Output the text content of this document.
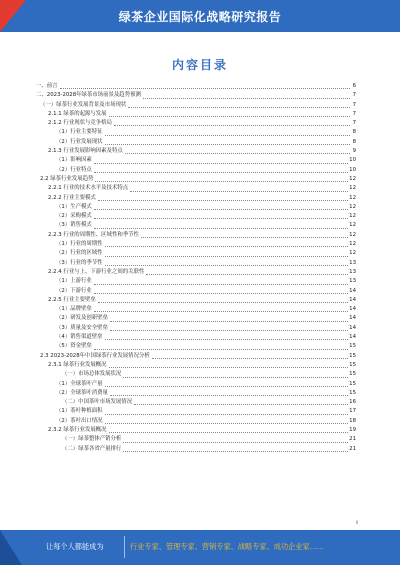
绿茶企业国际化战略研究报告
内容目录
一、前言	6
二、2023-2028年绿茶市场前景及趋势预测	7
（一）绿茶行业发展背景及市场现状	7
2.1.1 绿茶的起源与发展	7
2.1.2 行业现状与竞争格局	7
（1）行业主要特征	8
（2）行业发展现状	8
2.1.3 行业发展影响因素及特点	9
（1）影响因素	10
（2）行业特点	10
2.2 绿茶行业发展趋势	12
2.2.1 行业的技术水平及技术特点	12
2.2.2 行业主要模式	12
（1）生产模式	12
（2）采购模式	12
（3）销售模式	12
2.2.3 行业的周期性、区域性和季节性	12
（1）行业的周期性	12
（2）行业的区域性	12
（3）行业的季节性	13
2.2.4 行业与上、下游行业之间的关联性	13
（1）上游行业	13
（2）下游行业	14
2.2.5 行业主要壁垒	14
（1）品牌壁垒	14
（2）研发及创新壁垒	14
（3）质量及安全壁垒	14
（4）销售渠道壁垒	14
（5）资金壁垒	15
2.3 2023-2028年中国绿茶行业发展情况分析	15
2.3.1 绿茶行业发展概况	15
（一）市场总体发展状况	15
（1）全球茶叶产量	15
（2）全球茶叶消费量	15
（二）中国茶叶市场发展情况	16
（1）茶叶种植面积	17
（2）茶叶出口情况	18
2.3.2 绿茶行业发展概况	19
（一）绿茶整体产销分析	21
（二）绿茶各省产量排行	21
II
让每个人都能成为	行业专家、管理专家、营销专家、战略专家、成功企业家……
